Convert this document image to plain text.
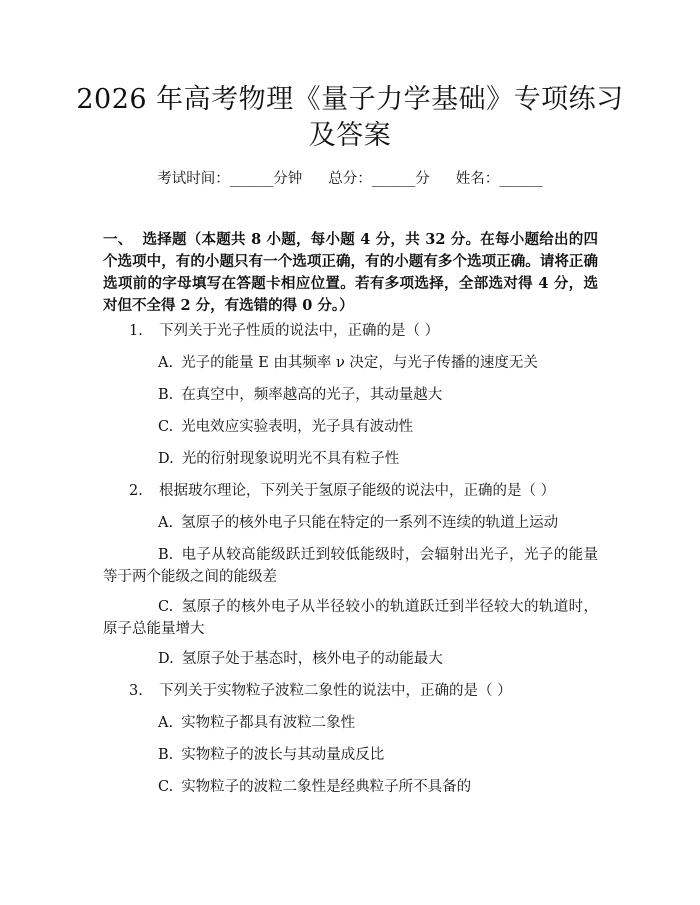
2026 年高考物理《量子力学基础》专项练习
及答案
考试时间：______分钟 总分：______分 姓名：______
一、 选择题（本题共 8 小题，每小题 4 分，共 32 分。在每小题给出的四个选项中，有的小题只有一个选项正确，有的小题有多个选项正确。请将正确选项前的字母填写在答题卡相应位置。若有多项选择，全部选对得 4 分，选对但不全得 2 分，有选错的得 0 分。）
1. 下列关于光子性质的说法中，正确的是（ ）
A. 光子的能量 E 由其频率 ν 决定，与光子传播的速度无关
B. 在真空中，频率越高的光子，其动量越大
C. 光电效应实验表明，光子具有波动性
D. 光的衍射现象说明光不具有粒子性
2. 根据玻尔理论，下列关于氢原子能级的说法中，正确的是（ ）
A. 氢原子的核外电子只能在特定的一系列不连续的轨道上运动
B. 电子从较高能级跃迁到较低能级时，会辐射出光子，光子的能量等于两个能级之间的能级差
C. 氢原子的核外电子从半径较小的轨道跃迁到半径较大的轨道时，原子总能量增大
D. 氢原子处于基态时，核外电子的动能最大
3. 下列关于实物粒子波粒二象性的说法中，正确的是（ ）
A. 实物粒子都具有波粒二象性
B. 实物粒子的波长与其动量成反比
C. 实物粒子的波粒二象性是经典粒子所不具备的
